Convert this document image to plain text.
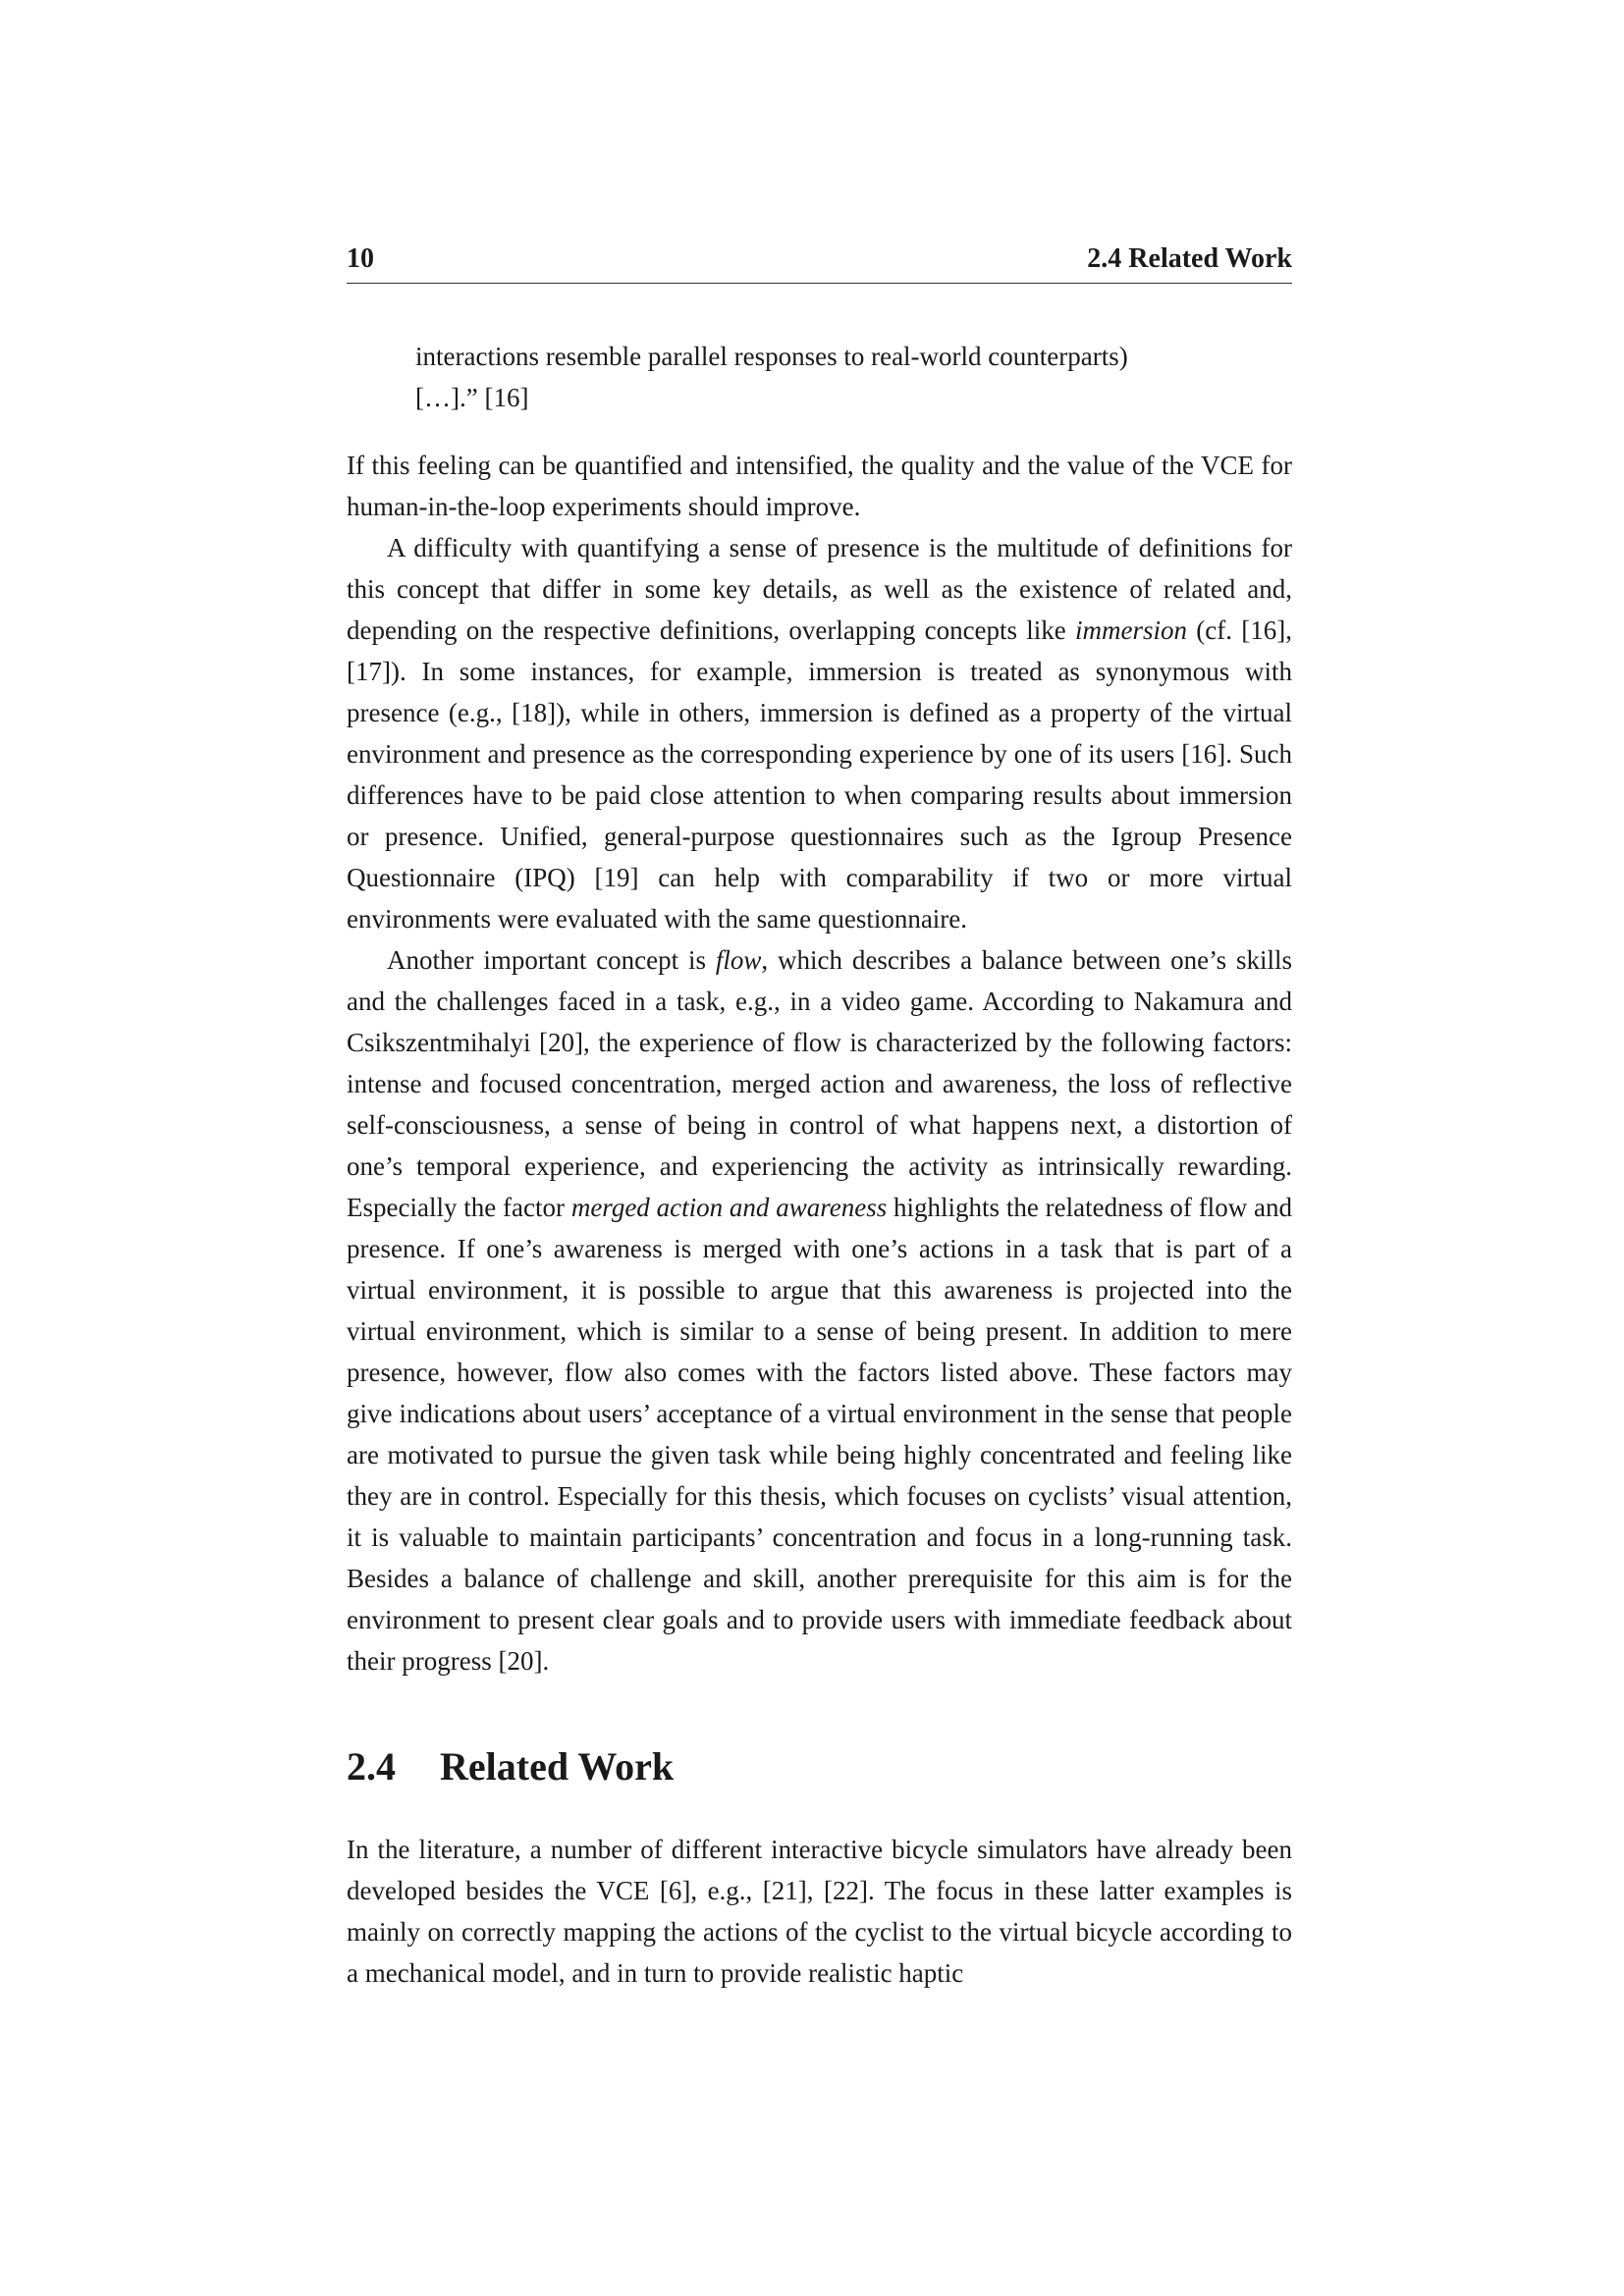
10	2.4 Related Work
interactions resemble parallel responses to real-world counterparts)
[…].” [16]

If this feeling can be quantified and intensified, the quality and the value of the VCE for human-in-the-loop experiments should improve.

A difficulty with quantifying a sense of presence is the multitude of definitions for this concept that differ in some key details, as well as the existence of related and, depending on the respective definitions, overlapping concepts like immersion (cf. [16], [17]). In some instances, for example, immersion is treated as synonymous with presence (e.g., [18]), while in others, immersion is defined as a property of the virtual environment and presence as the corresponding experience by one of its users [16]. Such differences have to be paid close attention to when comparing results about immersion or presence. Unified, general-purpose questionnaires such as the Igroup Presence Questionnaire (IPQ) [19] can help with comparability if two or more virtual environments were evaluated with the same questionnaire.

Another important concept is flow, which describes a balance between one’s skills and the challenges faced in a task, e.g., in a video game. According to Nakamura and Csikszentmihalyi [20], the experience of flow is characterized by the following factors: intense and focused concentration, merged action and awareness, the loss of reflective self-consciousness, a sense of being in control of what happens next, a distortion of one’s temporal experience, and experiencing the activity as intrinsically rewarding. Especially the factor merged action and awareness highlights the relatedness of flow and presence. If one’s awareness is merged with one’s actions in a task that is part of a virtual environment, it is possible to argue that this awareness is projected into the virtual environment, which is similar to a sense of being present. In addition to mere presence, however, flow also comes with the factors listed above. These factors may give indications about users’ acceptance of a virtual environment in the sense that people are motivated to pursue the given task while being highly concentrated and feeling like they are in control. Especially for this thesis, which focuses on cyclists’ visual attention, it is valuable to maintain participants’ concentration and focus in a long-running task. Besides a balance of challenge and skill, another prerequisite for this aim is for the environment to present clear goals and to provide users with immediate feedback about their progress [20].

2.4 Related Work

In the literature, a number of different interactive bicycle simulators have already been developed besides the VCE [6], e.g., [21], [22]. The focus in these latter examples is mainly on correctly mapping the actions of the cyclist to the virtual bicycle according to a mechanical model, and in turn to provide realistic haptic
